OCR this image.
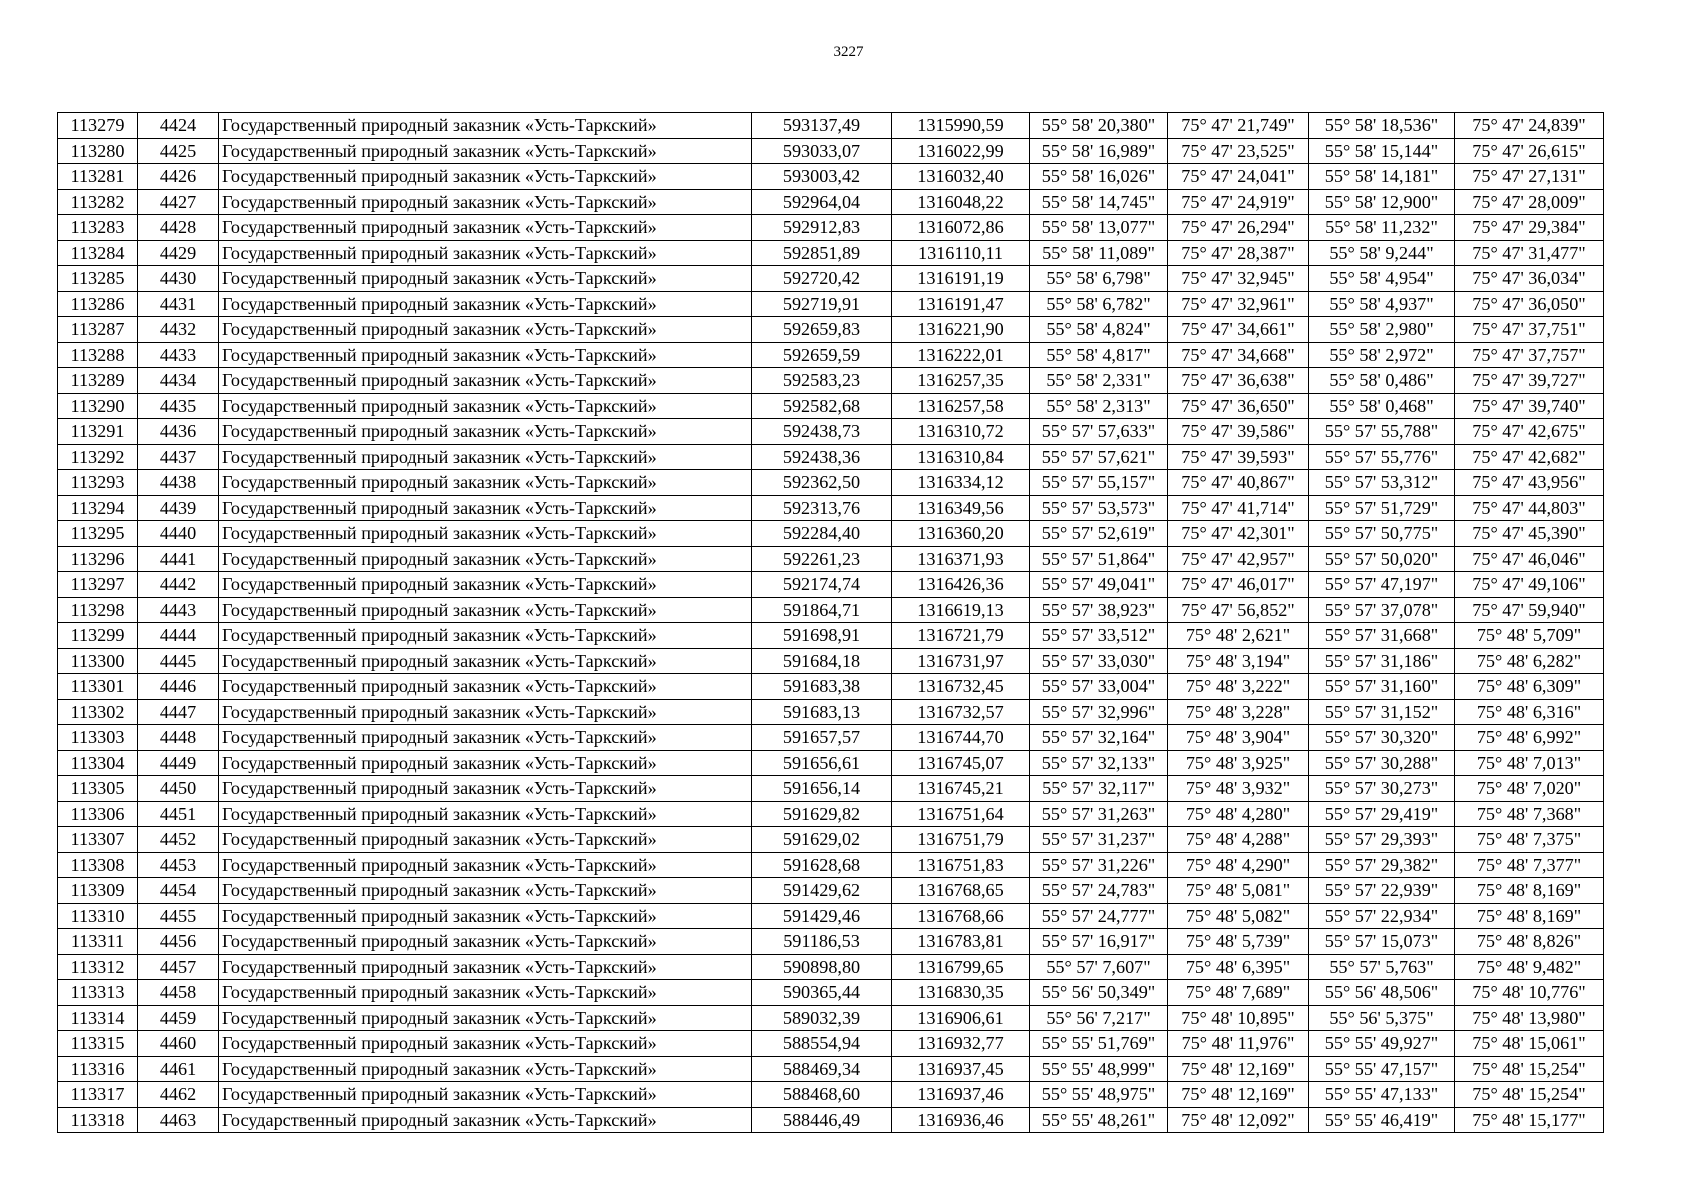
3227
113279	4424	Государственный природный заказник «Усть-Таркский»	593137,49	1315990,59	55° 58' 20,380"	75° 47' 21,749"	55° 58' 18,536"	75° 47' 24,839"
113280	4425	Государственный природный заказник «Усть-Таркский»	593033,07	1316022,99	55° 58' 16,989"	75° 47' 23,525"	55° 58' 15,144"	75° 47' 26,615"
113281	4426	Государственный природный заказник «Усть-Таркский»	593003,42	1316032,40	55° 58' 16,026"	75° 47' 24,041"	55° 58' 14,181"	75° 47' 27,131"
113282	4427	Государственный природный заказник «Усть-Таркский»	592964,04	1316048,22	55° 58' 14,745"	75° 47' 24,919"	55° 58' 12,900"	75° 47' 28,009"
113283	4428	Государственный природный заказник «Усть-Таркский»	592912,83	1316072,86	55° 58' 13,077"	75° 47' 26,294"	55° 58' 11,232"	75° 47' 29,384"
113284	4429	Государственный природный заказник «Усть-Таркский»	592851,89	1316110,11	55° 58' 11,089"	75° 47' 28,387"	55° 58' 9,244"	75° 47' 31,477"
113285	4430	Государственный природный заказник «Усть-Таркский»	592720,42	1316191,19	55° 58' 6,798"	75° 47' 32,945"	55° 58' 4,954"	75° 47' 36,034"
113286	4431	Государственный природный заказник «Усть-Таркский»	592719,91	1316191,47	55° 58' 6,782"	75° 47' 32,961"	55° 58' 4,937"	75° 47' 36,050"
113287	4432	Государственный природный заказник «Усть-Таркский»	592659,83	1316221,90	55° 58' 4,824"	75° 47' 34,661"	55° 58' 2,980"	75° 47' 37,751"
113288	4433	Государственный природный заказник «Усть-Таркский»	592659,59	1316222,01	55° 58' 4,817"	75° 47' 34,668"	55° 58' 2,972"	75° 47' 37,757"
113289	4434	Государственный природный заказник «Усть-Таркский»	592583,23	1316257,35	55° 58' 2,331"	75° 47' 36,638"	55° 58' 0,486"	75° 47' 39,727"
113290	4435	Государственный природный заказник «Усть-Таркский»	592582,68	1316257,58	55° 58' 2,313"	75° 47' 36,650"	55° 58' 0,468"	75° 47' 39,740"
113291	4436	Государственный природный заказник «Усть-Таркский»	592438,73	1316310,72	55° 57' 57,633"	75° 47' 39,586"	55° 57' 55,788"	75° 47' 42,675"
113292	4437	Государственный природный заказник «Усть-Таркский»	592438,36	1316310,84	55° 57' 57,621"	75° 47' 39,593"	55° 57' 55,776"	75° 47' 42,682"
113293	4438	Государственный природный заказник «Усть-Таркский»	592362,50	1316334,12	55° 57' 55,157"	75° 47' 40,867"	55° 57' 53,312"	75° 47' 43,956"
113294	4439	Государственный природный заказник «Усть-Таркский»	592313,76	1316349,56	55° 57' 53,573"	75° 47' 41,714"	55° 57' 51,729"	75° 47' 44,803"
113295	4440	Государственный природный заказник «Усть-Таркский»	592284,40	1316360,20	55° 57' 52,619"	75° 47' 42,301"	55° 57' 50,775"	75° 47' 45,390"
113296	4441	Государственный природный заказник «Усть-Таркский»	592261,23	1316371,93	55° 57' 51,864"	75° 47' 42,957"	55° 57' 50,020"	75° 47' 46,046"
113297	4442	Государственный природный заказник «Усть-Таркский»	592174,74	1316426,36	55° 57' 49,041"	75° 47' 46,017"	55° 57' 47,197"	75° 47' 49,106"
113298	4443	Государственный природный заказник «Усть-Таркский»	591864,71	1316619,13	55° 57' 38,923"	75° 47' 56,852"	55° 57' 37,078"	75° 47' 59,940"
113299	4444	Государственный природный заказник «Усть-Таркский»	591698,91	1316721,79	55° 57' 33,512"	75° 48' 2,621"	55° 57' 31,668"	75° 48' 5,709"
113300	4445	Государственный природный заказник «Усть-Таркский»	591684,18	1316731,97	55° 57' 33,030"	75° 48' 3,194"	55° 57' 31,186"	75° 48' 6,282"
113301	4446	Государственный природный заказник «Усть-Таркский»	591683,38	1316732,45	55° 57' 33,004"	75° 48' 3,222"	55° 57' 31,160"	75° 48' 6,309"
113302	4447	Государственный природный заказник «Усть-Таркский»	591683,13	1316732,57	55° 57' 32,996"	75° 48' 3,228"	55° 57' 31,152"	75° 48' 6,316"
113303	4448	Государственный природный заказник «Усть-Таркский»	591657,57	1316744,70	55° 57' 32,164"	75° 48' 3,904"	55° 57' 30,320"	75° 48' 6,992"
113304	4449	Государственный природный заказник «Усть-Таркский»	591656,61	1316745,07	55° 57' 32,133"	75° 48' 3,925"	55° 57' 30,288"	75° 48' 7,013"
113305	4450	Государственный природный заказник «Усть-Таркский»	591656,14	1316745,21	55° 57' 32,117"	75° 48' 3,932"	55° 57' 30,273"	75° 48' 7,020"
113306	4451	Государственный природный заказник «Усть-Таркский»	591629,82	1316751,64	55° 57' 31,263"	75° 48' 4,280"	55° 57' 29,419"	75° 48' 7,368"
113307	4452	Государственный природный заказник «Усть-Таркский»	591629,02	1316751,79	55° 57' 31,237"	75° 48' 4,288"	55° 57' 29,393"	75° 48' 7,375"
113308	4453	Государственный природный заказник «Усть-Таркский»	591628,68	1316751,83	55° 57' 31,226"	75° 48' 4,290"	55° 57' 29,382"	75° 48' 7,377"
113309	4454	Государственный природный заказник «Усть-Таркский»	591429,62	1316768,65	55° 57' 24,783"	75° 48' 5,081"	55° 57' 22,939"	75° 48' 8,169"
113310	4455	Государственный природный заказник «Усть-Таркский»	591429,46	1316768,66	55° 57' 24,777"	75° 48' 5,082"	55° 57' 22,934"	75° 48' 8,169"
113311	4456	Государственный природный заказник «Усть-Таркский»	591186,53	1316783,81	55° 57' 16,917"	75° 48' 5,739"	55° 57' 15,073"	75° 48' 8,826"
113312	4457	Государственный природный заказник «Усть-Таркский»	590898,80	1316799,65	55° 57' 7,607"	75° 48' 6,395"	55° 57' 5,763"	75° 48' 9,482"
113313	4458	Государственный природный заказник «Усть-Таркский»	590365,44	1316830,35	55° 56' 50,349"	75° 48' 7,689"	55° 56' 48,506"	75° 48' 10,776"
113314	4459	Государственный природный заказник «Усть-Таркский»	589032,39	1316906,61	55° 56' 7,217"	75° 48' 10,895"	55° 56' 5,375"	75° 48' 13,980"
113315	4460	Государственный природный заказник «Усть-Таркский»	588554,94	1316932,77	55° 55' 51,769"	75° 48' 11,976"	55° 55' 49,927"	75° 48' 15,061"
113316	4461	Государственный природный заказник «Усть-Таркский»	588469,34	1316937,45	55° 55' 48,999"	75° 48' 12,169"	55° 55' 47,157"	75° 48' 15,254"
113317	4462	Государственный природный заказник «Усть-Таркский»	588468,60	1316937,46	55° 55' 48,975"	75° 48' 12,169"	55° 55' 47,133"	75° 48' 15,254"
113318	4463	Государственный природный заказник «Усть-Таркский»	588446,49	1316936,46	55° 55' 48,261"	75° 48' 12,092"	55° 55' 46,419"	75° 48' 15,177"
